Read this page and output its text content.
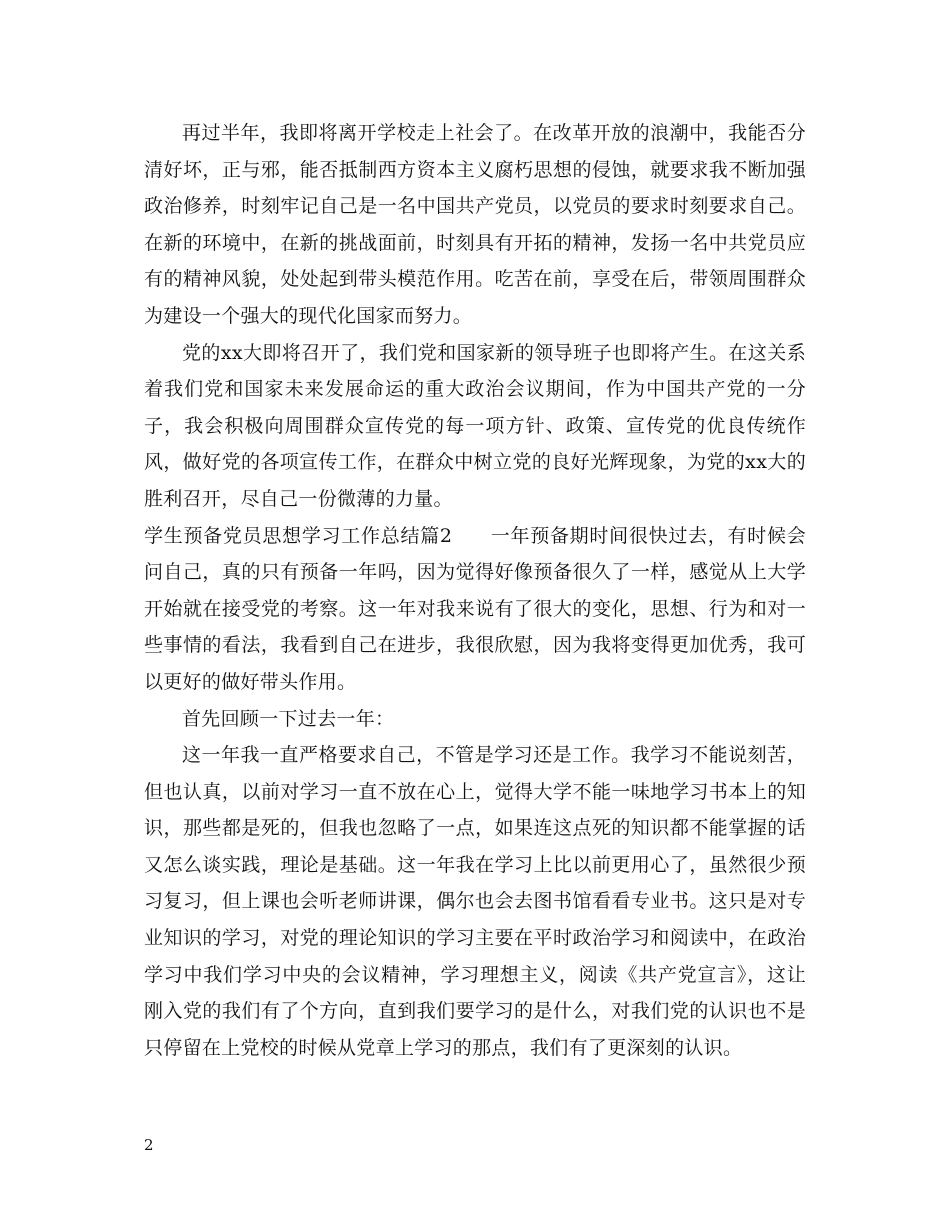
再过半年，我即将离开学校走上社会了。在改革开放的浪潮中，我能否分清好坏，正与邪，能否抵制西方资本主义腐朽思想的侵蚀，就要求我不断加强政治修养，时刻牢记自己是一名中国共产党员，以党员的要求时刻要求自己。在新的环境中，在新的挑战面前，时刻具有开拓的精神，发扬一名中共党员应有的精神风貌，处处起到带头模范作用。吃苦在前，享受在后，带领周围群众为建设一个强大的现代化国家而努力。

党的xx大即将召开了，我们党和国家新的领导班子也即将产生。在这关系着我们党和国家未来发展命运的重大政治会议期间，作为中国共产党的一分子，我会积极向周围群众宣传党的每一项方针、政策、宣传党的优良传统作风，做好党的各项宣传工作，在群众中树立党的良好光辉现象，为党的xx大的胜利召开，尽自己一份微薄的力量。

学生预备党员思想学习工作总结篇2 一年预备期时间很快过去，有时候会问自己，真的只有预备一年吗，因为觉得好像预备很久了一样，感觉从上大学开始就在接受党的考察。这一年对我来说有了很大的变化，思想、行为和对一些事情的看法，我看到自己在进步，我很欣慰，因为我将变得更加优秀，我可以更好的做好带头作用。

首先回顾一下过去一年：

这一年我一直严格要求自己，不管是学习还是工作。我学习不能说刻苦，但也认真，以前对学习一直不放在心上，觉得大学不能一味地学习书本上的知识，那些都是死的，但我也忽略了一点，如果连这点死的知识都不能掌握的话又怎么谈实践，理论是基础。这一年我在学习上比以前更用心了，虽然很少预习复习，但上课也会听老师讲课，偶尔也会去图书馆看看专业书。这只是对专业知识的学习，对党的理论知识的学习主要在平时政治学习和阅读中，在政治学习中我们学习中央的会议精神，学习理想主义，阅读《共产党宣言》，这让刚入党的我们有了个方向，直到我们要学习的是什么，对我们党的认识也不是只停留在上党校的时候从党章上学习的那点，我们有了更深刻的认识。

2
